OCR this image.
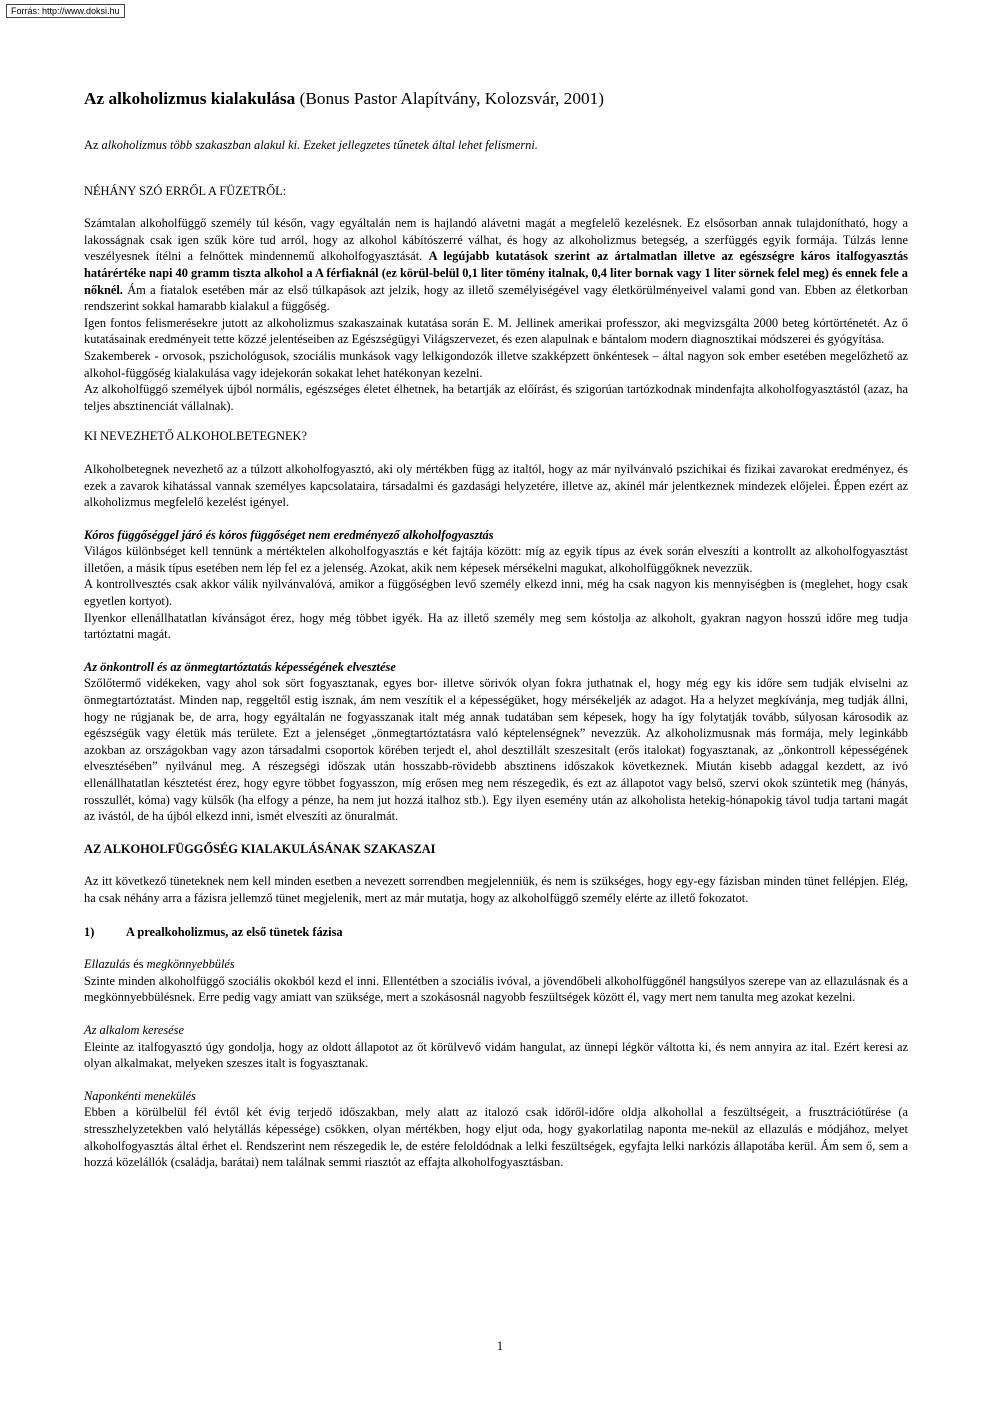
Forrás: http://www.doksi.hu

Az alkoholizmus kialakulása (Bonus Pastor Alapítvány, Kolozsvár, 2001)

Az alkoholizmus több szakaszban alakul ki. Ezeket jellegzetes tűnetek által lehet felismerni.

NÉHÁNY SZÓ ERRŐL A FÜZETRŐL:

Számtalan alkoholfüggő személy túl későn, vagy egyáltalán nem is hajlandó alávetni magát a megfelelő kezelésnek. Ez elsősorban annak tulajdonítható, hogy a lakosságnak csak igen szűk köre tud arról, hogy az alkohol kábítószerré válhat, és hogy az alkoholizmus betegség, a szerfüggés egyik formája. Túlzás lenne veszélyesnek ítélni a felnőttek mindennemű alkoholfogyasztását. A legújabb kutatások szerint az ártalmatlan illetve az egészségre káros italfogyasztás határértéke napi 40 gramm tiszta alkohol a A férfiaknál (ez körül-belül 0,1 liter tömény italnak, 0,4 liter bornak vagy 1 liter sörnek felel meg) és ennek fele a nőknél. Ám a fiatalok esetében már az első túlkapások azt jelzik, hogy az illető személyiségével vagy életkörülményeivel valami gond van. Ebben az életkorban rendszerint sokkal hamarabb kialakul a függőség.

Igen fontos felismerésekre jutott az alkoholizmus szakaszainak kutatása során E. M. Jellinek amerikai professzor, aki megvizsgálta 2000 beteg kórtörténetét. Az ő kutatásainak eredményeit tette közzé jelentéseiben az Egészségügyi Világszervezet, és ezen alapulnak e bántalom modern diagnosztikai módszerei és gyógyítása.

Szakemberek - orvosok, pszichológusok, szociális munkások vagy lelkigondozók illetve szakképzett önkéntesek – által nagyon sok ember esetében megelőzhető az alkohol-függőség kialakulása vagy idejekorán sokakat lehet hatékonyan kezelni.

Az alkoholfüggő személyek újból normális, egészséges életet élhetnek, ha betartják az előírást, és szigorúan tartózkodnak mindenfajta alkoholfogyasztástól (azaz, ha teljes absztinenciát vállalnak).

KI NEVEZHETŐ ALKOHOLBETEGNEK?

Alkoholbetegnek nevezhető az a túlzott alkoholfogyasztó, aki oly mértékben függ az italtól, hogy az már nyilvánvaló pszichikai és fizikai zavarokat eredményez, és ezek a zavarok kihatással vannak személyes kapcsolataira, társadalmi és gazdasági helyzetére, illetve az, akinél már jelentkeznek mindezek előjelei. Éppen ezért az alkoholizmus megfelelő kezelést igényel.

Kóros függőséggel járó és kóros függőséget nem eredményező alkoholfogyasztás

Világos különbséget kell tennünk a mértéktelen alkoholfogyasztás e két fajtája között: míg az egyik típus az évek során elveszíti a kontrollt az alkoholfogyasztást illetően, a másik típus esetében nem lép fel ez a jelenség. Azokat, akik nem képesek mérsékelni magukat, alkoholfüggőknek nevezzük.

A kontrollvesztés csak akkor válik nyilvánvalóvá, amikor a függőségben levő személy elkezd inni, még ha csak nagyon kis mennyiségben is (meglehet, hogy csak egyetlen kortyot).

Ilyenkor ellenállhatatlan kívánságot érez, hogy még többet igyék. Ha az illető személy meg sem kóstolja az alkoholt, gyakran nagyon hosszú időre meg tudja tartóztatni magát.

Az önkontroll és az önmegtartóztatás képességének elvesztése

Szőlőtermő vidékeken, vagy ahol sok sört fogyasztanak, egyes bor- illetve sörivók olyan fokra juthatnak el, hogy még egy kis időre sem tudják elviselni az önmegtartóztatást. Minden nap, reggeltől estig isznak, ám nem veszítik el a képességüket, hogy mérsékeljék az adagot. Ha a helyzet megkívánja, meg tudják állni, hogy ne rúgjanak be, de arra, hogy egyáltalán ne fogyasszanak italt még annak tudatában sem képesek, hogy ha így folytatják tovább, súlyosan károsodik az egészségük vagy életük más területe. Ezt a jelenséget „önmegtartóztatásra való képtelenségnek” nevezzük. Az alkoholizmusnak más formája, mely leginkább azokban az országokban vagy azon társadalmi csoportok körében terjedt el, ahol desztillált szeszesitalt (erős italokat) fogyasztanak, az „önkontroll képességének elvesztésében” nyilvánul meg. A részegségi időszak után hosszabb-rövidebb absztinens időszakok következnek. Miután kisebb adaggal kezdett, az ivó ellenállhatatlan késztetést érez, hogy egyre többet fogyasszon, míg erősen meg nem részegedik, és ezt az állapotot vagy belső, szervi okok szüntetik meg (hányás, rosszullét, kóma) vagy külsők (ha elfogy a pénze, ha nem jut hozzá italhoz stb.). Egy ilyen esemény után az alkoholista hetekig-hónapokig távol tudja tartani magát az ivástól, de ha újból elkezd inni, ismét elveszíti az önuralmát.

AZ ALKOHOLFÜGGŐSÉG KIALAKULÁSÁNAK SZAKASZAI

Az itt következő tüneteknek nem kell minden esetben a nevezett sorrendben megjelenniük, és nem is szükséges, hogy egy-egy fázisban minden tünet fellépjen. Elég, ha csak néhány arra a fázisra jellemző tünet megjelenik, mert az már mutatja, hogy az alkoholfüggő személy elérte az illető fokozatot.

1)	A prealkoholizmus, az első tünetek fázisa

Ellazulás és megkönnyebbülés

Szinte minden alkoholfüggő szociális okokból kezd el inni. Ellentétben a szociális ivóval, a jövendőbeli alkoholfüggőnél hangsúlyos szerepe van az ellazulásnak és a megkönnyebbülésnek. Erre pedig vagy amiatt van szüksége, mert a szokásosnál nagyobb feszültségek között él, vagy mert nem tanulta meg azokat kezelni.

Az alkalom keresése

Eleinte az italfogyasztó úgy gondolja, hogy az oldott állapotot az őt körülvevő vidám hangulat, az ünnepi légkör váltotta ki, és nem annyira az ital. Ezért keresi az olyan alkalmakat, melyeken szeszes italt is fogyasztanak.

Naponkénti menekülés

Ebben a körülbelül fél évtől két évig terjedő időszakban, mely alatt az italozó csak időről-időre oldja alkohollal a feszültségeit, a frusztrációtűrése (a stresszhelyzetekben való helytállás képessége) csökken, olyan mértékben, hogy eljut oda, hogy gyakorlatilag naponta me-nekül az ellazulás e módjához, melyet alkoholfogyasztás által érhet el. Rendszerint nem részegedik le, de estére feloldódnak a lelki feszültségek, egyfajta lelki narkózis állapotába kerül. Ám sem ő, sem a hozzá közelállók (családja, barátai) nem találnak semmi riasztót az effajta alkoholfogyasztásban.

1
